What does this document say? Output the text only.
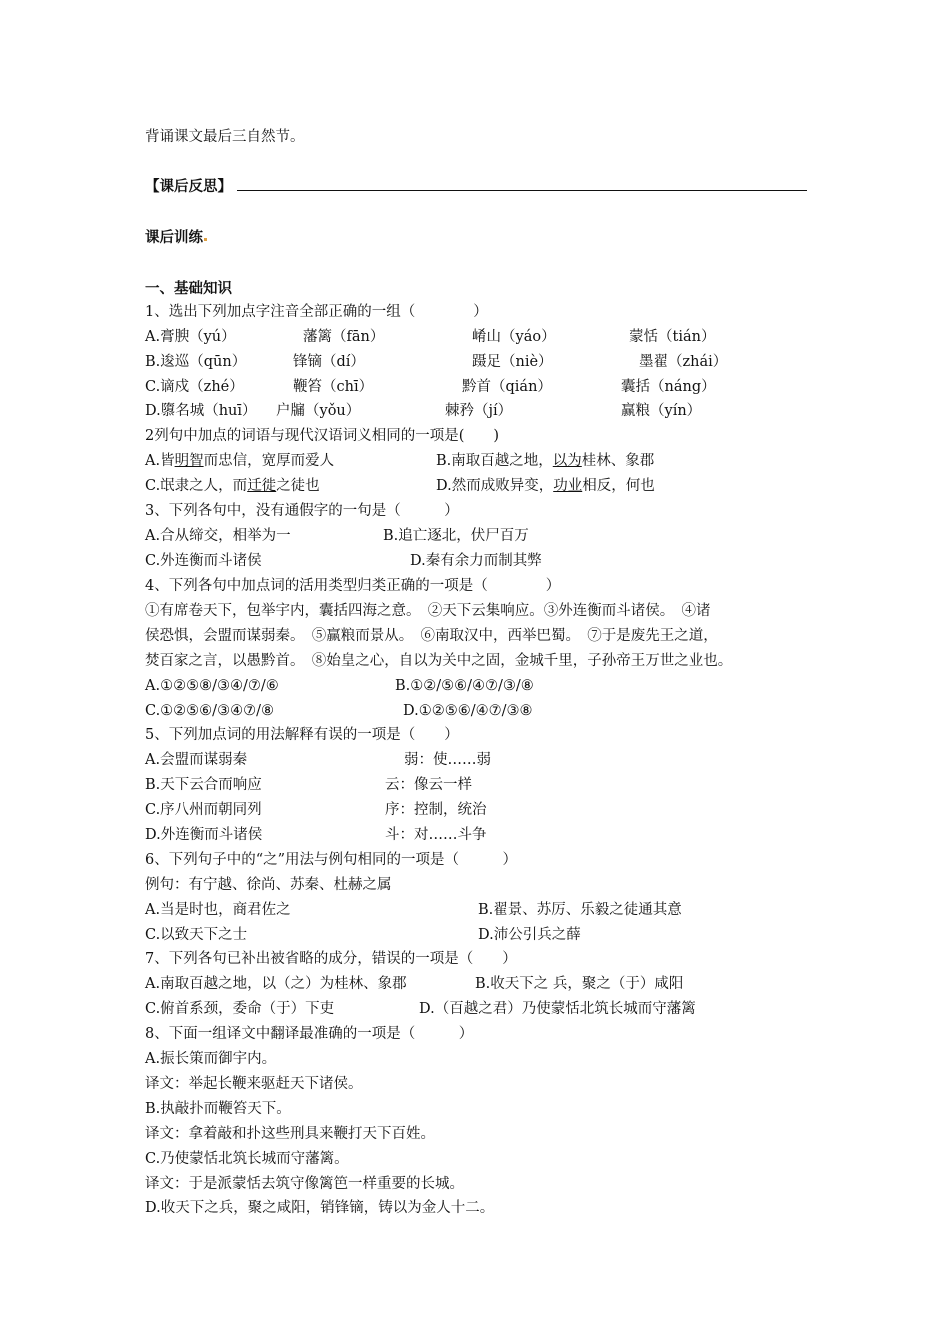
背诵课文最后三自然节。
【课后反思】
课后训练
一、基础知识
1、选出下列加点字注音全部正确的一组（　　　　）
A.膏腴（yú）	藩篱（fān）	崤山（yáo）	蒙恬（tián）
B.逡巡（qūn）	锋镝（dí）	蹑足（niè）	墨翟（zhái）
C.谪戍（zhé）	鞭笞（chī）	黔首（qián）	囊括（náng）
D.隳名城（huī） 户牖（yǒu）	棘矜（jí）	赢粮（yín）
2列句中加点的词语与现代汉语词义相同的一项是(　　)
A.皆明智而忠信，宽厚而爱人	B.南取百越之地，以为桂林、象郡
C.氓隶之人，而迁徙之徒也	D.然而成败异变，功业相反，何也
3、下列各句中，没有通假字的一句是（　　　）
A.合从缔交，相举为一	B.追亡逐北，伏尸百万
C.外连衡而斗诸侯	D.秦有余力而制其弊
4、下列各句中加点词的活用类型归类正确的一项是（　　　　）
①有席卷天下，包举宇内，囊括四海之意。　②天下云集响应。③外连衡而斗诸侯。　④诸
侯恐惧，会盟而谋弱秦。　⑤赢粮而景从。　⑥南取汉中，西举巴蜀。　⑦于是废先王之道，
焚百家之言，以愚黔首。　⑧始皇之心，自以为关中之固，金城千里，子孙帝王万世之业也。
A.①②⑤⑧/③④/⑦/⑥	B.①②/⑤⑥/④⑦/③/⑧
C.①②⑤⑥/③④⑦/⑧	D.①②⑤⑥/④⑦/③⑧
5、下列加点词的用法解释有误的一项是（　　）
A.会盟而谋弱秦	弱：使……弱
B.天下云合而响应	云：像云一样
C.序八州而朝同列	序：控制，统治
D.外连衡而斗诸侯	斗：对……斗争
6、下列句子中的“之”用法与例句相同的一项是（　　　）
例句：有宁越、徐尚、苏秦、杜赫之属
A.当是时也，商君佐之	B.翟景、苏厉、乐毅之徒通其意
C.以致天下之士	D.沛公引兵之薛
7、下列各句已补出被省略的成分，错误的一项是（　　）
A.南取百越之地，以（之）为桂林、象郡	B.收天下之 兵，聚之（于）咸阳
C.俯首系颈，委命（于）下吏	D.（百越之君）乃使蒙恬北筑长城而守藩篱
8、下面一组译文中翻译最准确的一项是（　　　）
A.振长策而御宇内。
译文：举起长鞭来驱赶天下诸侯。
B.执敲扑而鞭笞天下。
译文：拿着敲和扑这些刑具来鞭打天下百姓。
C.乃使蒙恬北筑长城而守藩篱。
译文：于是派蒙恬去筑守像篱笆一样重要的长城。
D.收天下之兵，聚之咸阳，销锋镝，铸以为金人十二。
